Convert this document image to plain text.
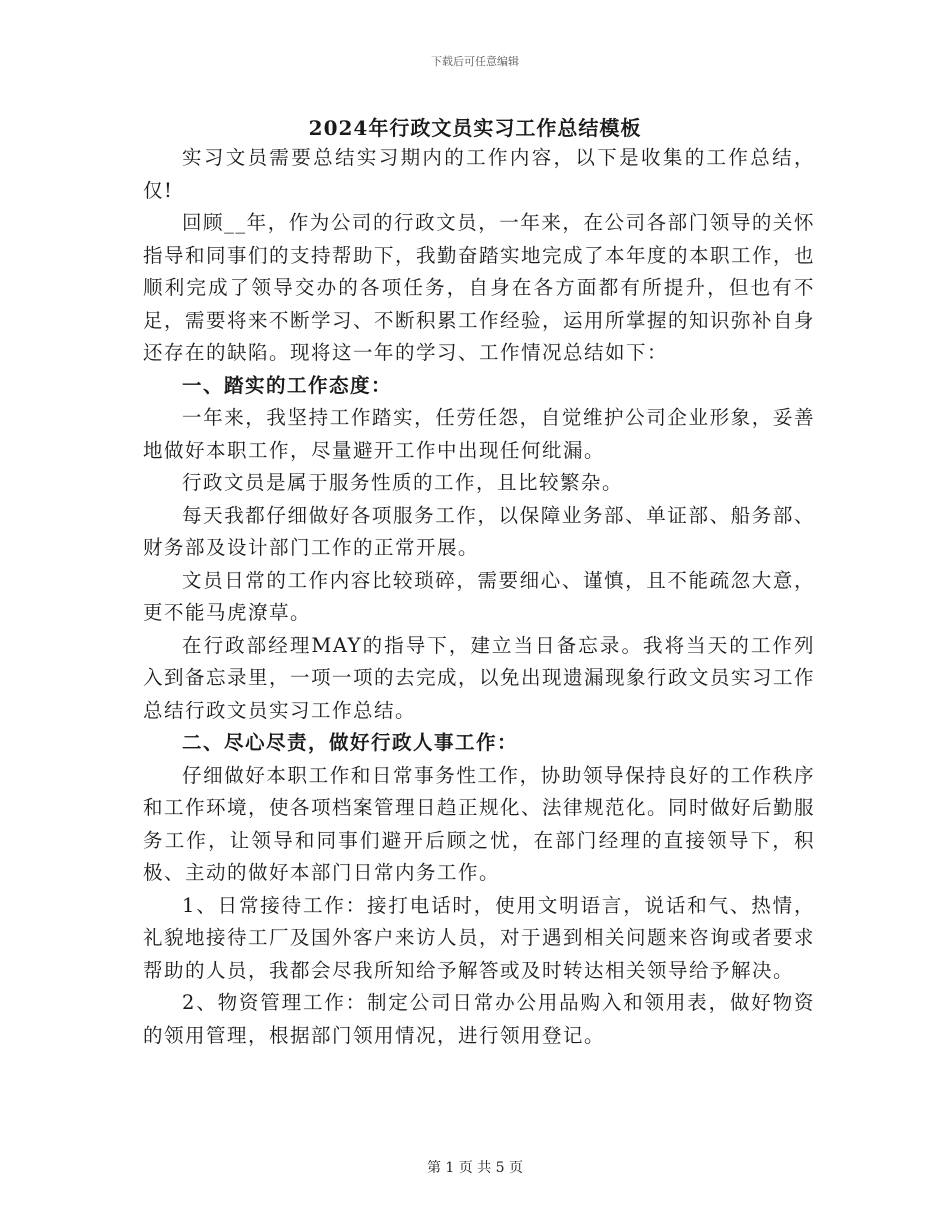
下载后可任意编辑
2024年行政文员实习工作总结模板

实习文员需要总结实习期内的工作内容，以下是收集的工作总结，仅!

回顾__年，作为公司的行政文员，一年来，在公司各部门领导的关怀指导和同事们的支持帮助下，我勤奋踏实地完成了本年度的本职工作，也顺利完成了领导交办的各项任务，自身在各方面都有所提升，但也有不足，需要将来不断学习、不断积累工作经验，运用所掌握的知识弥补自身还存在的缺陷。现将这一年的学习、工作情况总结如下：

一、踏实的工作态度：

一年来，我坚持工作踏实，任劳任怨，自觉维护公司企业形象，妥善地做好本职工作，尽量避开工作中出现任何纰漏。

行政文员是属于服务性质的工作，且比较繁杂。

每天我都仔细做好各项服务工作，以保障业务部、单证部、船务部、财务部及设计部门工作的正常开展。

文员日常的工作内容比较琐碎，需要细心、谨慎，且不能疏忽大意，更不能马虎潦草。

在行政部经理MAY的指导下，建立当日备忘录。我将当天的工作列入到备忘录里，一项一项的去完成，以免出现遗漏现象行政文员实习工作总结行政文员实习工作总结。

二、尽心尽责，做好行政人事工作：

仔细做好本职工作和日常事务性工作，协助领导保持良好的工作秩序和工作环境，使各项档案管理日趋正规化、法律规范化。同时做好后勤服务工作，让领导和同事们避开后顾之忧，在部门经理的直接领导下，积极、主动的做好本部门日常内务工作。

1、日常接待工作：接打电话时，使用文明语言，说话和气、热情，礼貌地接待工厂及国外客户来访人员，对于遇到相关问题来咨询或者要求帮助的人员，我都会尽我所知给予解答或及时转达相关领导给予解决。

2、物资管理工作：制定公司日常办公用品购入和领用表，做好物资的领用管理，根据部门领用情况，进行领用登记。

第 1 页 共 5 页
